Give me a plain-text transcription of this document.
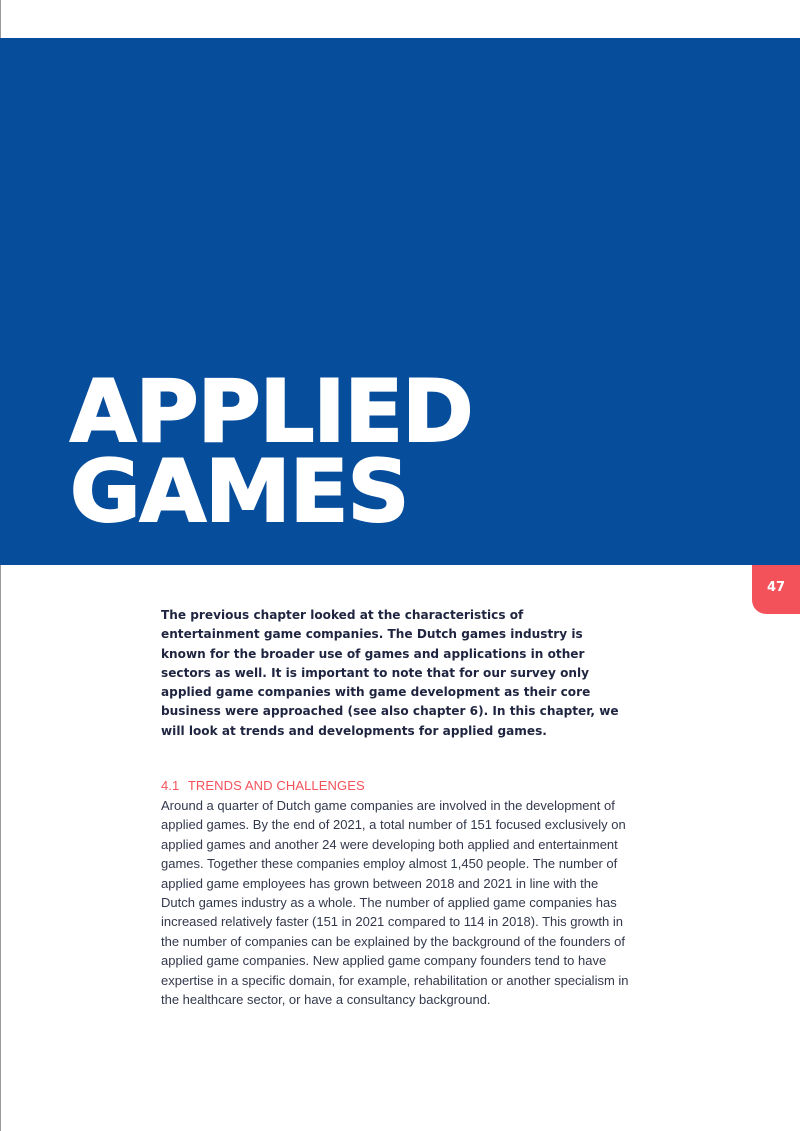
APPLIED
GAMES
47

The previous chapter looked at the characteristics of entertainment game companies. The Dutch games industry is known for the broader use of games and applications in other sectors as well. It is important to note that for our survey only applied game companies with game development as their core business were approached (see also chapter 6). In this chapter, we will look at trends and developments for applied games.

4.1 TRENDS AND CHALLENGES

Around a quarter of Dutch game companies are involved in the development of applied games. By the end of 2021, a total number of 151 focused exclusively on applied games and another 24 were developing both applied and entertainment games. Together these companies employ almost 1,450 people. The number of applied game employees has grown between 2018 and 2021 in line with the Dutch games industry as a whole. The number of applied game companies has increased relatively faster (151 in 2021 compared to 114 in 2018). This growth in the number of companies can be explained by the background of the founders of applied game companies. New applied game company founders tend to have expertise in a specific domain, for example, rehabilitation or another specialism in the healthcare sector, or have a consultancy background.
